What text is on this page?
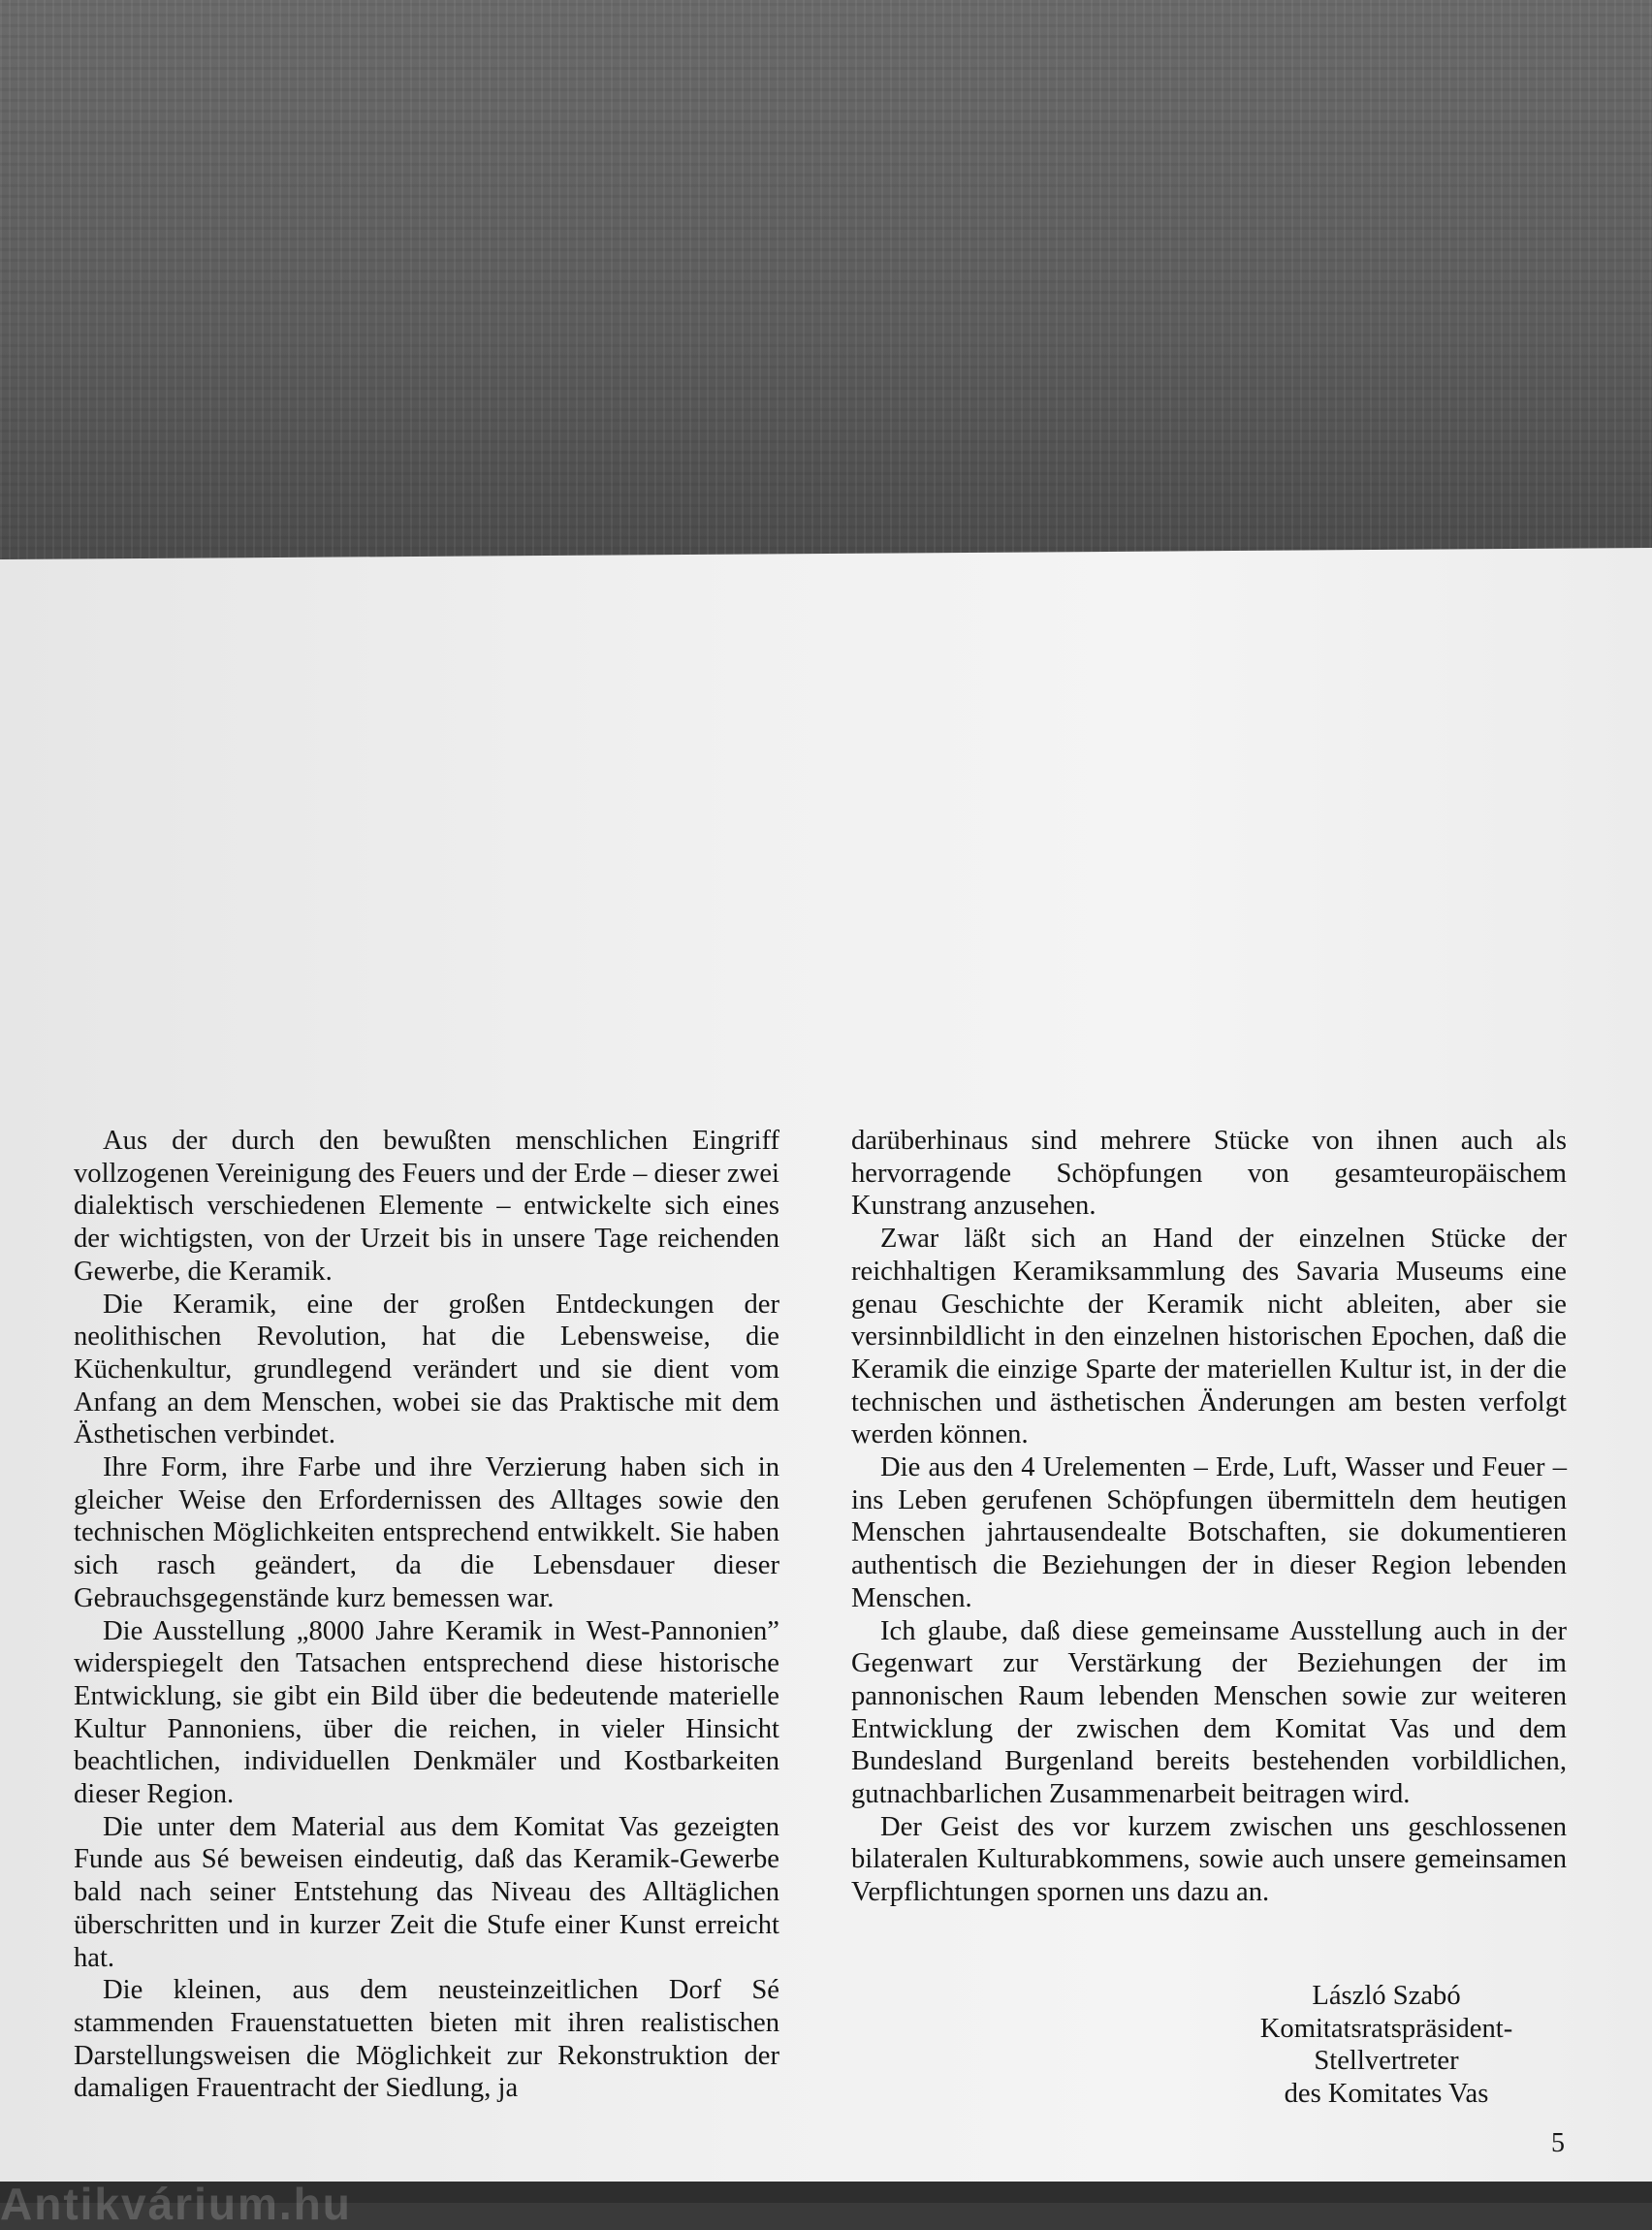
Aus der durch den bewußten menschlichen Eingriff vollzogenen Vereinigung des Feuers und der Erde – dieser zwei dialektisch verschiedenen Elemente – entwickelte sich eines der wichtigsten, von der Urzeit bis in unsere Tage reichenden Gewerbe, die Keramik.

Die Keramik, eine der großen Entdeckungen der neolithischen Revolution, hat die Lebensweise, die Küchenkultur, grundlegend verändert und sie dient vom Anfang an dem Menschen, wobei sie das Praktische mit dem Ästhetischen verbindet.

Ihre Form, ihre Farbe und ihre Verzierung haben sich in gleicher Weise den Erfordernissen des Alltages sowie den technischen Möglichkeiten entsprechend entwikkelt. Sie haben sich rasch geändert, da die Lebensdauer dieser Gebrauchsgegenstände kurz bemessen war.

Die Ausstellung „8000 Jahre Keramik in West-Pannonien” widerspiegelt den Tatsachen entsprechend diese historische Entwicklung, sie gibt ein Bild über die bedeutende materielle Kultur Pannoniens, über die reichen, in vieler Hinsicht beachtlichen, individuellen Denkmäler und Kostbarkeiten dieser Region.

Die unter dem Material aus dem Komitat Vas gezeigten Funde aus Sé beweisen eindeutig, daß das Keramik-Gewerbe bald nach seiner Entstehung das Niveau des Alltäglichen überschritten und in kurzer Zeit die Stufe einer Kunst erreicht hat.

Die kleinen, aus dem neusteinzeitlichen Dorf Sé stammenden Frauenstatuetten bieten mit ihren realistischen Darstellungsweisen die Möglichkeit zur Rekonstruktion der damaligen Frauentracht der Siedlung, ja

darüberhinaus sind mehrere Stücke von ihnen auch als hervorragende Schöpfungen von gesamteuropäischem Kunstrang anzusehen.

Zwar läßt sich an Hand der einzelnen Stücke der reichhaltigen Keramiksammlung des Savaria Museums eine genau Geschichte der Keramik nicht ableiten, aber sie versinnbildlicht in den einzelnen historischen Epochen, daß die Keramik die einzige Sparte der materiellen Kultur ist, in der die technischen und ästhetischen Änderungen am besten verfolgt werden können.

Die aus den 4 Urelementen – Erde, Luft, Wasser und Feuer – ins Leben gerufenen Schöpfungen übermitteln dem heutigen Menschen jahrtausendealte Botschaften, sie dokumentieren authentisch die Beziehungen der in dieser Region lebenden Menschen.

Ich glaube, daß diese gemeinsame Ausstellung auch in der Gegenwart zur Verstärkung der Beziehungen der im pannonischen Raum lebenden Menschen sowie zur weiteren Entwicklung der zwischen dem Komitat Vas und dem Bundesland Burgenland bereits bestehenden vorbildlichen, gutnachbarlichen Zusammenarbeit beitragen wird.

Der Geist des vor kurzem zwischen uns geschlossenen bilateralen Kulturabkommens, sowie auch unsere gemeinsamen Verpflichtungen spornen uns dazu an.

László Szabó
Komitatsratspräsident-
Stellvertreter
des Komitates Vas
5
Antikvárium.hu
